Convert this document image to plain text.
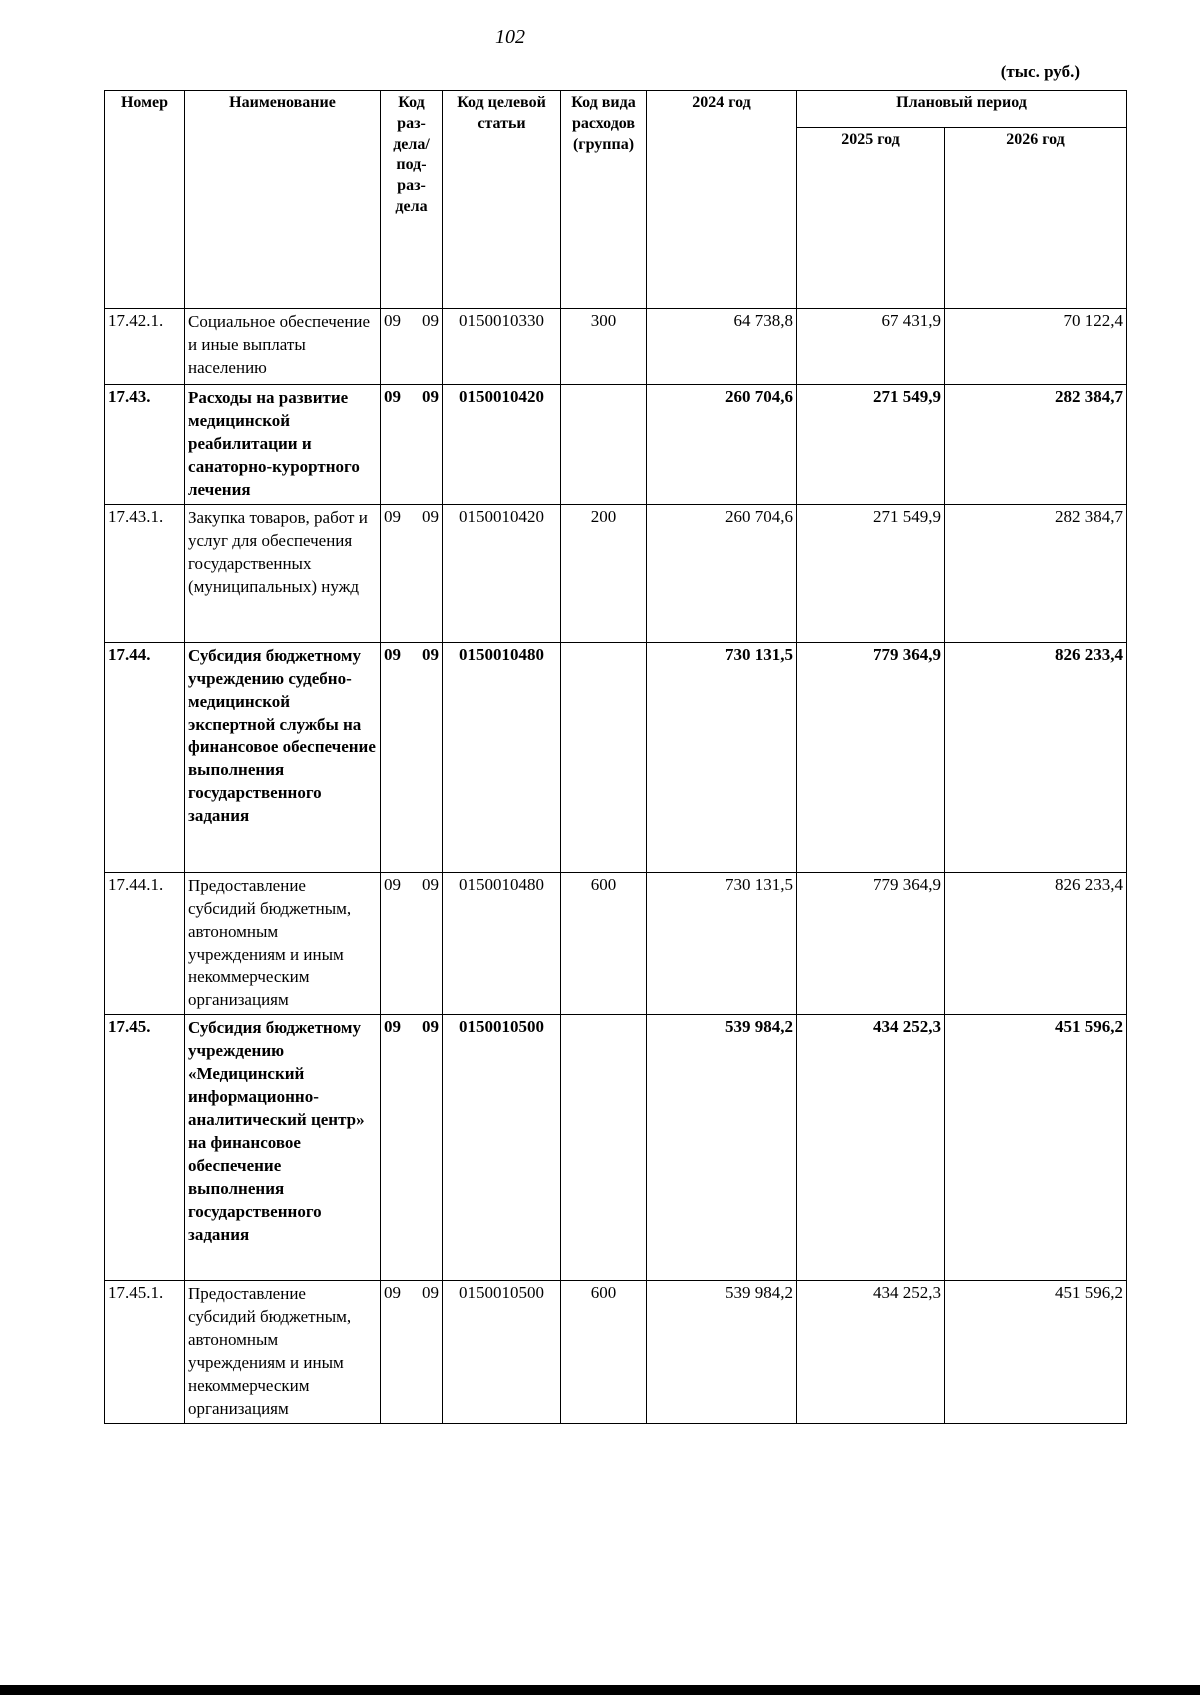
102
(тыс. руб.)
Номер	Наименование	Код раз-дела/ под-раз-дела	Код целевой статьи	Код вида расходов (группа)	2024 год	Плановый период	
						2025 год	2026 год
17.42.1.	Социальное обеспечение и иные выплаты населению	09 09	0150010330	300	64 738,8	67 431,9	70 122,4
17.43.	Расходы на развитие медицинской реабилитации и санаторно-курортного лечения	09 09	0150010420		260 704,6	271 549,9	282 384,7
17.43.1.	Закупка товаров, работ и услуг для обеспечения государственных (муниципальных) нужд	09 09	0150010420	200	260 704,6	271 549,9	282 384,7
17.44.	Субсидия бюджетному учреждению судебно-медицинской экспертной службы на финансовое обеспечение выполнения государственного задания	09 09	0150010480		730 131,5	779 364,9	826 233,4
17.44.1.	Предоставление субсидий бюджетным, автономным учреждениям и иным некоммерческим организациям	09 09	0150010480	600	730 131,5	779 364,9	826 233,4
17.45.	Субсидия бюджетному учреждению «Медицинский информационно-аналитический центр» на финансовое обеспечение выполнения государственного задания	09 09	0150010500		539 984,2	434 252,3	451 596,2
17.45.1.	Предоставление субсидий бюджетным, автономным учреждениям и иным некоммерческим организациям	09 09	0150010500	600	539 984,2	434 252,3	451 596,2
